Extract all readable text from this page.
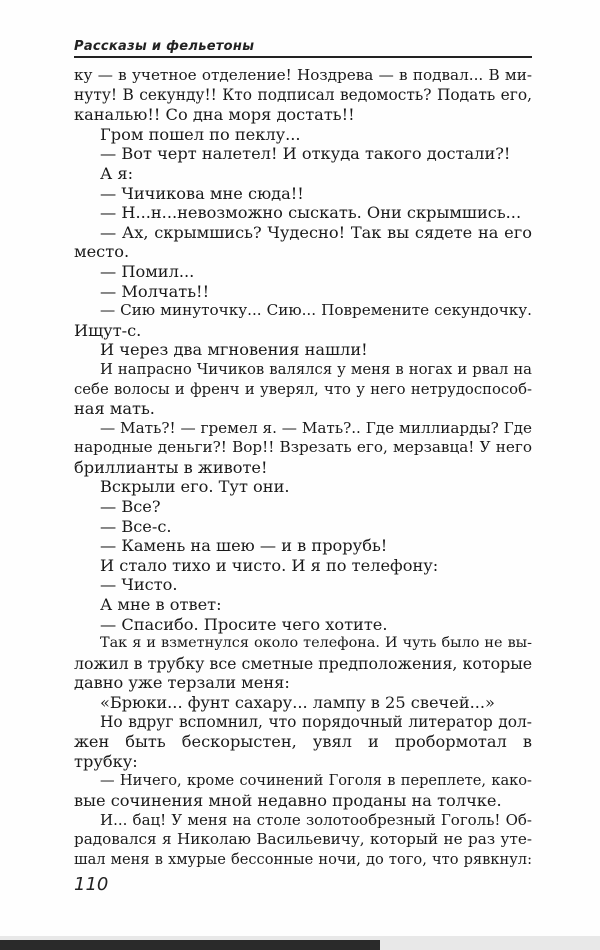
Рассказы и фельетоны
ку — в учетное отделение! Ноздрева — в подвал... В ми-
нуту! В секунду!! Кто подписал ведомость? Подать его,
каналью!! Со дна моря достать!!
Гром пошел по пеклу...
— Вот черт налетел! И откуда такого достали?!
А я:
— Чичикова мне сюда!!
— Н...н...невозможно сыскать. Они скрымшись...
— Ах, скрымшись? Чудесно! Так вы сядете на его
место.
— Помил...
— Молчать!!
— Сию минуточку... Сию... Повремените секундочку.
Ищут-с.
И через два мгновения нашли!
И напрасно Чичиков валялся у меня в ногах и рвал на
себе волосы и френч и уверял, что у него нетрудоспособ-
ная мать.
— Мать?! — гремел я. — Мать?.. Где миллиарды? Где
народные деньги?! Вор!! Взрезать его, мерзавца! У него
бриллианты в животе!
Вскрыли его. Тут они.
— Все?
— Все-с.
— Камень на шею — и в прорубь!
И стало тихо и чисто. И я по телефону:
— Чисто.
А мне в ответ:
— Спасибо. Просите чего хотите.
Так я и взметнулся около телефона. И чуть было не вы-
ложил в трубку все сметные предположения, которые
давно уже терзали меня:
«Брюки... фунт сахару... лампу в 25 свечей...»
Но вдруг вспомнил, что порядочный литератор дол-
жен быть бескорыстен, увял и пробормотал в
трубку:
— Ничего, кроме сочинений Гоголя в переплете, како-
вые сочинения мной недавно проданы на толчке.
И... бац! У меня на столе золотообрезный Гоголь! Об-
радовался я Николаю Васильевичу, который не раз уте-
шал меня в хмурые бессонные ночи, до того, что рявкнул:
110
